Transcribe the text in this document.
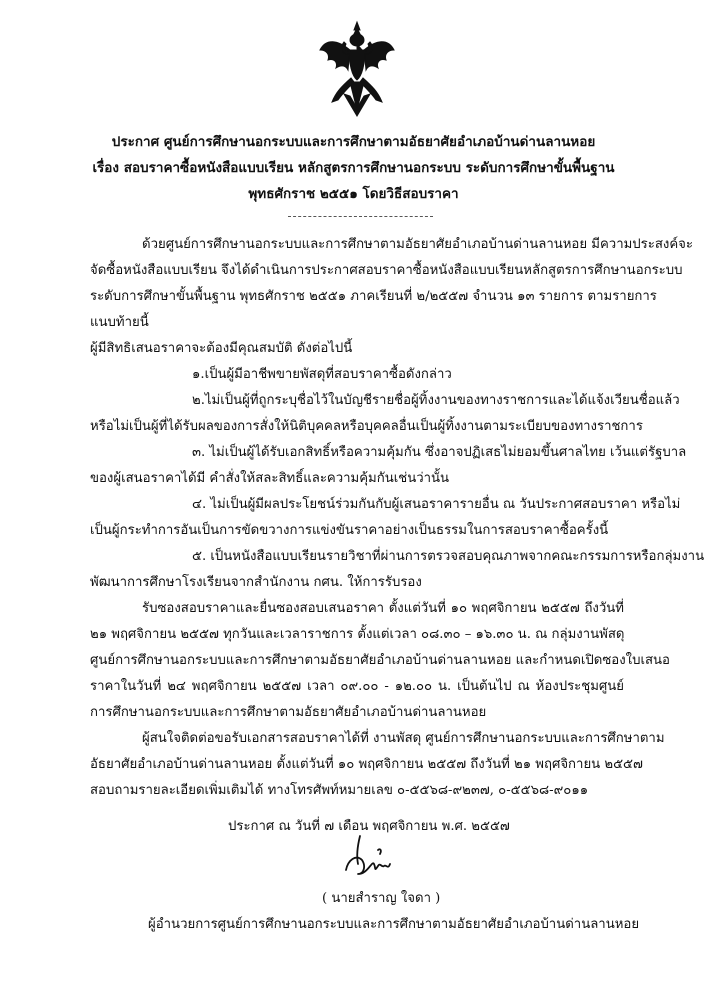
ประกาศ ศูนย์การศึกษานอกระบบและการศึกษาตามอัธยาศัยอำเภอบ้านด่านลานหอย
เรื่อง สอบราคาซื้อหนังสือแบบเรียน หลักสูตรการศึกษานอกระบบ ระดับการศึกษาขั้นพื้นฐาน
พุทธศักราช ๒๕๕๑ โดยวิธีสอบราคา
ด้วยศูนย์การศึกษานอกระบบและการศึกษาตามอัธยาศัยอำเภอบ้านด่านลานหอย มีความประสงค์จะ
จัดซื้อหนังสือแบบเรียน จึงได้ดำเนินการประกาศสอบราคาซื้อหนังสือแบบเรียนหลักสูตรการศึกษานอกระบบ
ระดับการศึกษาขั้นพื้นฐาน พุทธศักราช ๒๕๕๑ ภาคเรียนที่ ๒/๒๕๕๗ จำนวน ๑๓ รายการ ตามรายการ
แนบท้ายนี้
ผู้มีสิทธิเสนอราคาจะต้องมีคุณสมบัติ ดังต่อไปนี้
๑.เป็นผู้มีอาชีพขายพัสดุที่สอบราคาซื้อดังกล่าว
๒.ไม่เป็นผู้ที่ถูกระบุชื่อไว้ในบัญชีรายชื่อผู้ทิ้งงานของทางราชการและได้แจ้งเวียนชื่อแล้ว
หรือไม่เป็นผู้ที่ได้รับผลของการสั่งให้นิติบุคคลหรือบุคคลอื่นเป็นผู้ทิ้งงานตามระเบียบของทางราชการ
๓. ไม่เป็นผู้ได้รับเอกสิทธิ์หรือความคุ้มกัน ซึ่งอาจปฏิเสธไม่ยอมขึ้นศาลไทย เว้นแต่รัฐบาล
ของผู้เสนอราคาได้มี คำสั่งให้สละสิทธิ์และความคุ้มกันเช่นว่านั้น
๔. ไม่เป็นผู้มีผลประโยชน์ร่วมกันกับผู้เสนอราคารายอื่น ณ วันประกาศสอบราคา หรือไม่
เป็นผู้กระทำการอันเป็นการขัดขวางการแข่งขันราคาอย่างเป็นธรรมในการสอบราคาซื้อครั้งนี้
๕. เป็นหนังสือแบบเรียนรายวิชาที่ผ่านการตรวจสอบคุณภาพจากคณะกรรมการหรือกลุ่มงาน
พัฒนาการศึกษาโรงเรียนจากสำนักงาน กศน. ให้การรับรอง
รับซองสอบราคาและยื่นซองสอบเสนอราคา ตั้งแต่วันที่ ๑๐ พฤศจิกายน ๒๕๕๗ ถึงวันที่
๒๑ พฤศจิกายน ๒๕๕๗ ทุกวันและเวลาราชการ ตั้งแต่เวลา ๐๘.๓๐ – ๑๖.๓๐ น. ณ กลุ่มงานพัสดุ
ศูนย์การศึกษานอกระบบและการศึกษาตามอัธยาศัยอำเภอบ้านด่านลานหอย และกำหนดเปิดซองใบเสนอ
ราคาในวันที่ ๒๔ พฤศจิกายน ๒๕๕๗ เวลา ๐๙.๐๐ - ๑๒.๐๐ น. เป็นต้นไป ณ ห้องประชุมศูนย์
การศึกษานอกระบบและการศึกษาตามอัธยาศัยอำเภอบ้านด่านลานหอย
ผู้สนใจติดต่อขอรับเอกสารสอบราคาได้ที่ งานพัสดุ ศูนย์การศึกษานอกระบบและการศึกษาตาม
อัธยาศัยอำเภอบ้านด่านลานหอย ตั้งแต่วันที่ ๑๐ พฤศจิกายน ๒๕๕๗ ถึงวันที่ ๒๑ พฤศจิกายน ๒๕๕๗
สอบถามรายละเอียดเพิ่มเติมได้ ทางโทรศัพท์หมายเลข ๐-๕๕๖๘-๙๒๓๗, ๐-๕๕๖๘-๙๐๑๑
ประกาศ ณ วันที่ ๗ เดือน พฤศจิกายน พ.ศ. ๒๕๕๗
( นายสำราญ ใจดา )
ผู้อำนวยการศูนย์การศึกษานอกระบบและการศึกษาตามอัธยาศัยอำเภอบ้านด่านลานหอย
